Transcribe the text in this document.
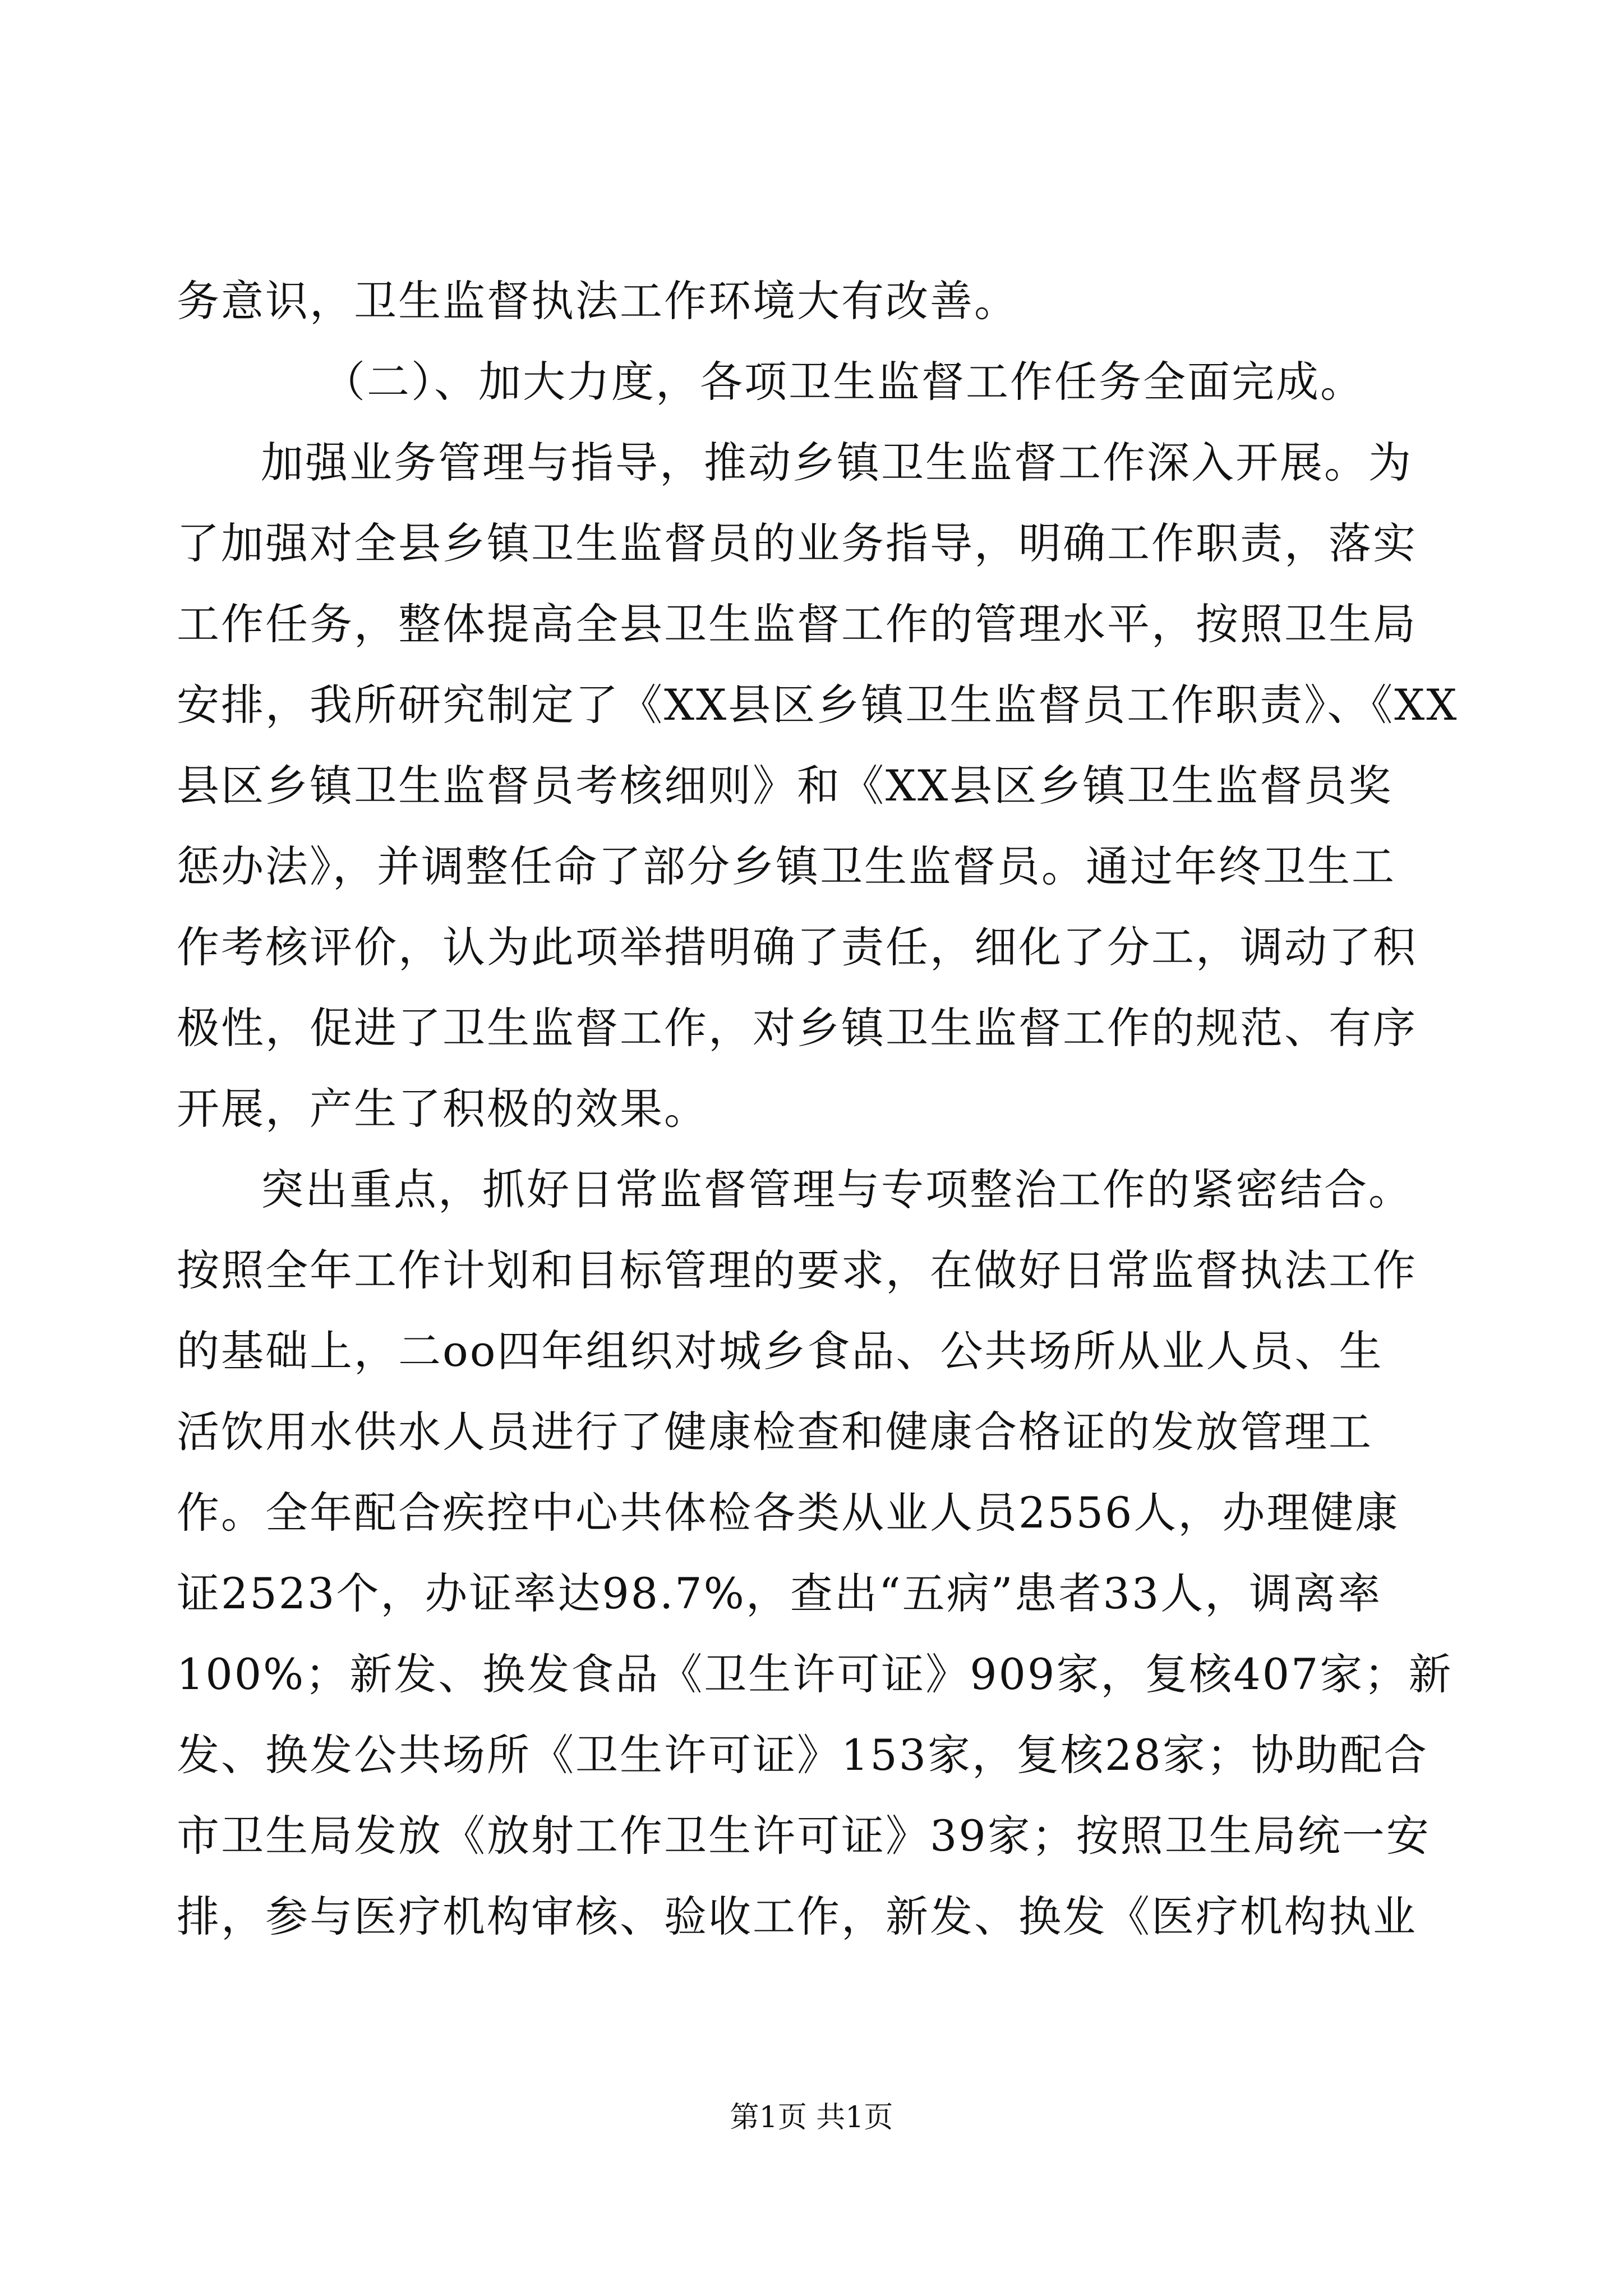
务意识，卫生监督执法工作环境大有改善。
（二）、加大力度，各项卫生监督工作任务全面完成。
加强业务管理与指导，推动乡镇卫生监督工作深入开展。为
了加强对全县乡镇卫生监督员的业务指导，明确工作职责，落实
工作任务，整体提高全县卫生监督工作的管理水平，按照卫生局
安排，我所研究制定了《XX县区乡镇卫生监督员工作职责》、《XX
县区乡镇卫生监督员考核细则》和《XX县区乡镇卫生监督员奖
惩办法》，并调整任命了部分乡镇卫生监督员。通过年终卫生工
作考核评价，认为此项举措明确了责任，细化了分工，调动了积
极性，促进了卫生监督工作，对乡镇卫生监督工作的规范、有序
开展，产生了积极的效果。
突出重点，抓好日常监督管理与专项整治工作的紧密结合。
按照全年工作计划和目标管理的要求，在做好日常监督执法工作
的基础上，二oo四年组织对城乡食品、公共场所从业人员、生
活饮用水供水人员进行了健康检查和健康合格证的发放管理工
作。全年配合疾控中心共体检各类从业人员2556人，办理健康
证2523个，办证率达98.7%，查出“五病”患者33人，调离率
100%；新发、换发食品《卫生许可证》909家，复核407家；新
发、换发公共场所《卫生许可证》153家，复核28家；协助配合
市卫生局发放《放射工作卫生许可证》39家；按照卫生局统一安
排，参与医疗机构审核、验收工作，新发、换发《医疗机构执业
第1页 共1页
